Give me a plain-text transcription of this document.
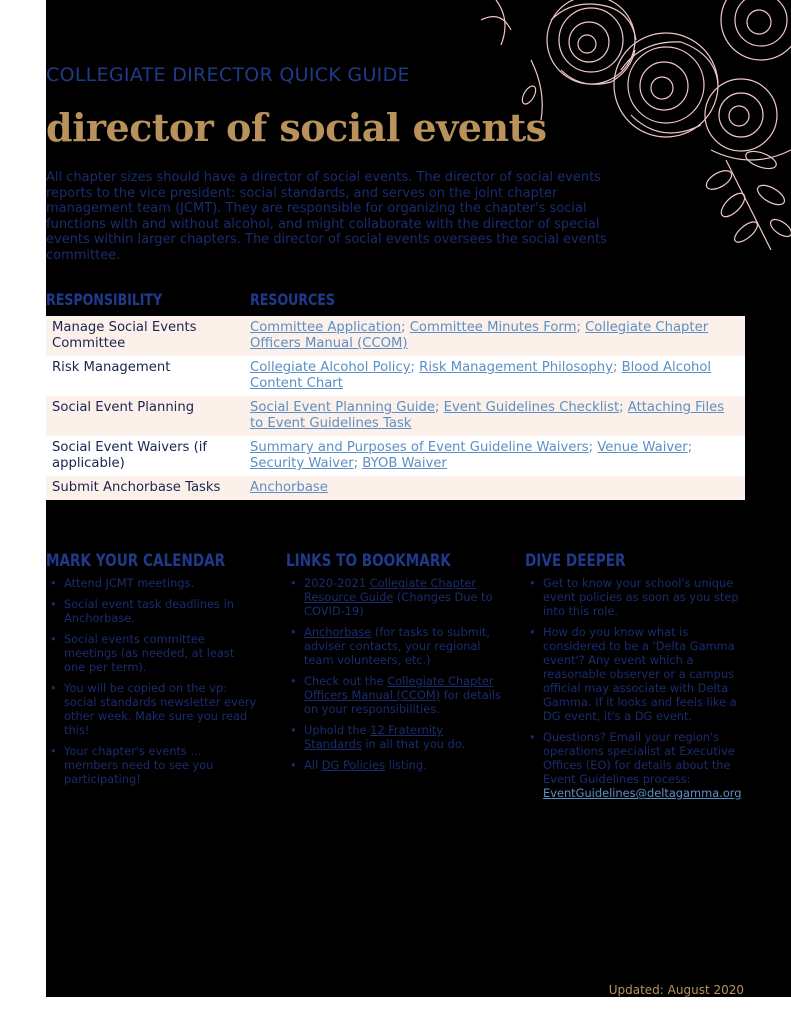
COLLEGIATE DIRECTOR QUICK GUIDE
director of social events

All chapter sizes should have a director of social events. The director of social events reports to the vice president: social standards, and serves on the joint chapter management team (JCMT). They are responsible for organizing the chapter's social functions with and without alcohol, and might collaborate with the director of special events within larger chapters. The director of social events oversees the social events committee.

RESPONSIBILITY	RESOURCES
Manage Social Events Committee	Committee Application; Committee Minutes Form; Collegiate Chapter Officers Manual (CCOM)
Risk Management	Collegiate Alcohol Policy; Risk Management Philosophy; Blood Alcohol Content Chart
Social Event Planning	Social Event Planning Guide; Event Guidelines Checklist; Attaching Files to Event Guidelines Task
Social Event Waivers (if applicable)	Summary and Purposes of Event Guideline Waivers; Venue Waiver; Security Waiver; BYOB Waiver
Submit Anchorbase Tasks	Anchorbase
MARK YOUR CALENDAR
• Attend JCMT meetings.
• Social event task deadlines in Anchorbase.
• Social events committee meetings (as needed, at least one per term).
• You will be copied on the vp: social standards newsletter every other week. Make sure you read this!
• Your chapter's events ... members need to see you participating!
LINKS TO BOOKMARK
• 2020-2021 Collegiate Chapter Resource Guide (Changes Due to COVID-19)
• Anchorbase (for tasks to submit, adviser contacts, your regional team volunteers, etc.)
• Check out the Collegiate Chapter Officers Manual (CCOM) for details on your responsibilities.
• Uphold the 12 Fraternity Standards in all that you do.
• All DG Policies listing.
DIVE DEEPER
• Get to know your school's unique event policies as soon as you step into this role.
• How do you know what is considered to be a 'Delta Gamma event'? Any event which a reasonable observer or a campus official may associate with Delta Gamma. If it looks and feels like a DG event, it's a DG event.
• Questions? Email your region's operations specialist at Executive Offices (EO) for details about the Event Guidelines process: EventGuidelines@deltagamma.org
Updated: August 2020
